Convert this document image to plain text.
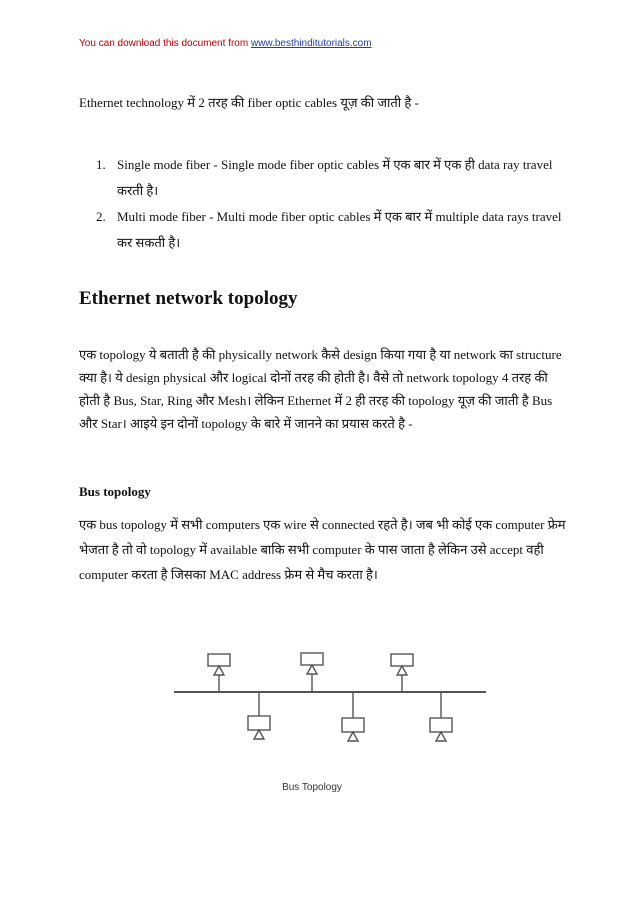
You can download this document from www.besthinditutorials.com
Ethernet technology में 2 तरह की fiber optic cables यूज़ की जाती है -
1. Single mode fiber - Single mode fiber optic cables में एक बार में एक ही data ray travel करती है।
2. Multi mode fiber - Multi mode fiber optic cables में एक बार में multiple data rays travel कर सकती है।
Ethernet network topology
एक topology ये बताती है की physically network कैसे design किया गया है या network का structure क्या है। ये design physical और logical दोनों तरह की होती है। वैसे तो network topology 4 तरह की होती है Bus, Star, Ring और Mesh। लेकिन Ethernet में 2 ही तरह की topology यूज़ की जाती है Bus और Star। आइये इन दोनों topology के बारे में जानने का प्रयास करते है -
Bus topology
एक bus topology में सभी computers एक wire से connected रहते है। जब भी कोई एक computer फ्रेम भेजता है तो वो topology में available बाकि सभी computer के पास जाता है लेकिन उसे accept वही computer करता है जिसका MAC address फ्रेम से मैच करता है।
Bus Topology
